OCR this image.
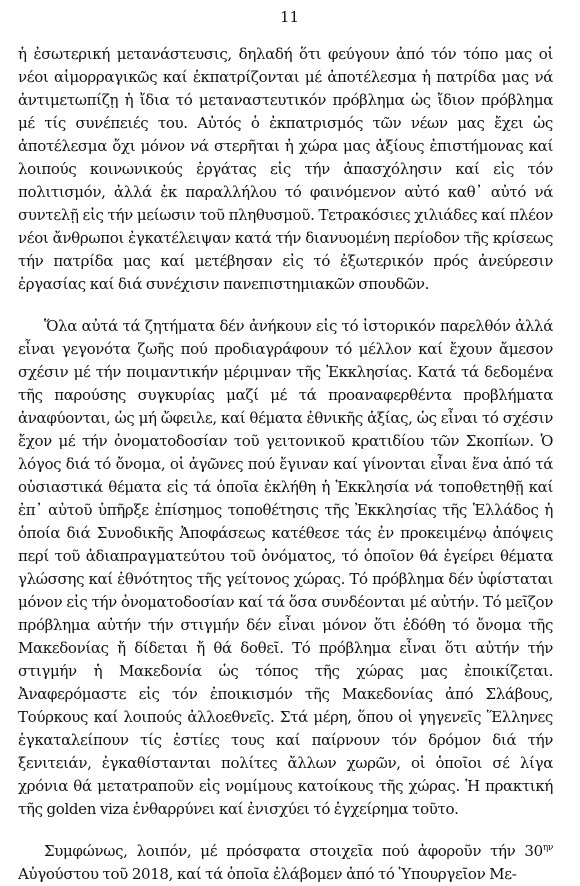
11

ἡ ἐσωτερική μετανάστευσις, δηλαδή ὅτι φεύγουν ἀπό τόν τόπο μας οἱ νέοι αἱμορραγικῶς καί ἐκπατρίζονται μέ ἀποτέλεσμα ἡ πατρίδα μας νά ἀντιμετωπίζῃ ἡ ἴδια τό μεταναστευτικόν πρόβλημα ὡς ἴδιον πρόβλημα μέ τίς συνέπειές του. Αὐτός ὁ ἐκπατρισμός τῶν νέων μας ἔχει ὡς ἀποτέλεσμα ὄχι μόνον νά στερῆται ἡ χώρα μας ἀξίους ἐπιστήμονας καί λοιπούς κοινωνικούς ἐργάτας εἰς τήν ἀπασχόλησιν καί εἰς τόν πολιτισμόν, ἀλλά ἐκ παραλλήλου τό φαινόμενον αὐτό καθ᾽ αὐτό νά συντελῇ εἰς τήν μείωσιν τοῦ πληθυσμοῦ. Τετρακόσιες χιλιάδες καί πλέον νέοι ἄνθρωποι ἐγκατέλειψαν κατά τήν διανυομένη περίοδον τῆς κρίσεως τήν πατρίδα μας καί μετέβησαν εἰς τό ἐξωτερικόν πρός ἀνεύρεσιν ἐργασίας καί διά συνέχισιν πανεπιστημιακῶν σπουδῶν.

Ὅλα αὐτά τά ζητήματα δέν ἀνήκουν εἰς τό ἱστορικόν παρελθόν ἀλλά εἶναι γεγονότα ζωῆς πού προδιαγράφουν τό μέλλον καί ἔχουν ἄμεσον σχέσιν μέ τήν ποιμαντικήν μέριμναν τῆς Ἐκκλησίας. Κατά τά δεδομένα τῆς παρούσης συγκυρίας μαζί μέ τά προαναφερθέντα προβλήματα ἀναφύονται, ὡς μή ὤφειλε, καί θέματα ἐθνικῆς ἀξίας, ὡς εἶναι τό σχέσιν ἔχον μέ τήν ὀνοματοδοσίαν τοῦ γειτονικοῦ κρατιδίου τῶν Σκοπίων. Ὁ λόγος διά τό ὄνομα, οἱ ἀγῶνες πού ἔγιναν καί γίνονται εἶναι ἕνα ἀπό τά οὐσιαστικά θέματα εἰς τά ὁποῖα ἐκλήθη ἡ Ἐκκλησία νά τοποθετηθῇ καί ἐπ᾽ αὐτοῦ ὑπῆρξε ἐπίσημος τοποθέτησις τῆς Ἐκκλησίας τῆς Ἑλλάδος ἡ ὁποία διά Συνοδικῆς Ἀποφάσεως κατέθεσε τάς ἐν προκειμένῳ ἀπόψεις περί τοῦ ἀδιαπραγματεύτου τοῦ ὀνόματος, τό ὁποῖον θά ἐγείρει θέματα γλώσσης καί ἐθνότητος τῆς γείτονος χώρας. Τό πρόβλημα δέν ὑφίσταται μόνον εἰς τήν ὀνοματοδοσίαν καί τά ὅσα συνδέονται μέ αὐτήν. Τό μεῖζον πρόβλημα αὐτήν τήν στιγμήν δέν εἶναι μόνον ὅτι ἐδόθη τό ὄνομα τῆς Μακεδονίας ἤ δίδεται ἤ θά δοθεῖ. Τό πρόβλημα εἶναι ὅτι αὐτήν τήν στιγμήν ἡ Μακεδονία ὡς τόπος τῆς χώρας μας ἐποικίζεται. Ἀναφερόμαστε εἰς τόν ἐποικισμόν τῆς Μακεδονίας ἀπό Σλάβους, Τούρκους καί λοιπούς ἀλλοεθνεῖς. Στά μέρη, ὅπου οἱ γηγενεῖς Ἕλληνες ἐγκαταλείπουν τίς ἑστίες τους καί παίρνουν τόν δρόμον διά τήν ξενιτειάν, ἐγκαθίστανται πολίτες ἄλλων χωρῶν, οἱ ὁποῖοι σέ λίγα χρόνια θά μετατραποῦν εἰς νομίμους κατοίκους τῆς χώρας. Ἡ πρακτική τῆς golden viza ἐνθαρρύνει καί ἐνισχύει τό ἐγχείρημα τοῦτο.

Συμφώνως, λοιπόν, μέ πρόσφατα στοιχεῖα πού ἀφοροῦν τήν $30^{\eta\nu}$ Αὐγούστου τοῦ 2018, καί τά ὁποῖα ἐλάβομεν ἀπό τό Ὑπουργεῖον Με-
